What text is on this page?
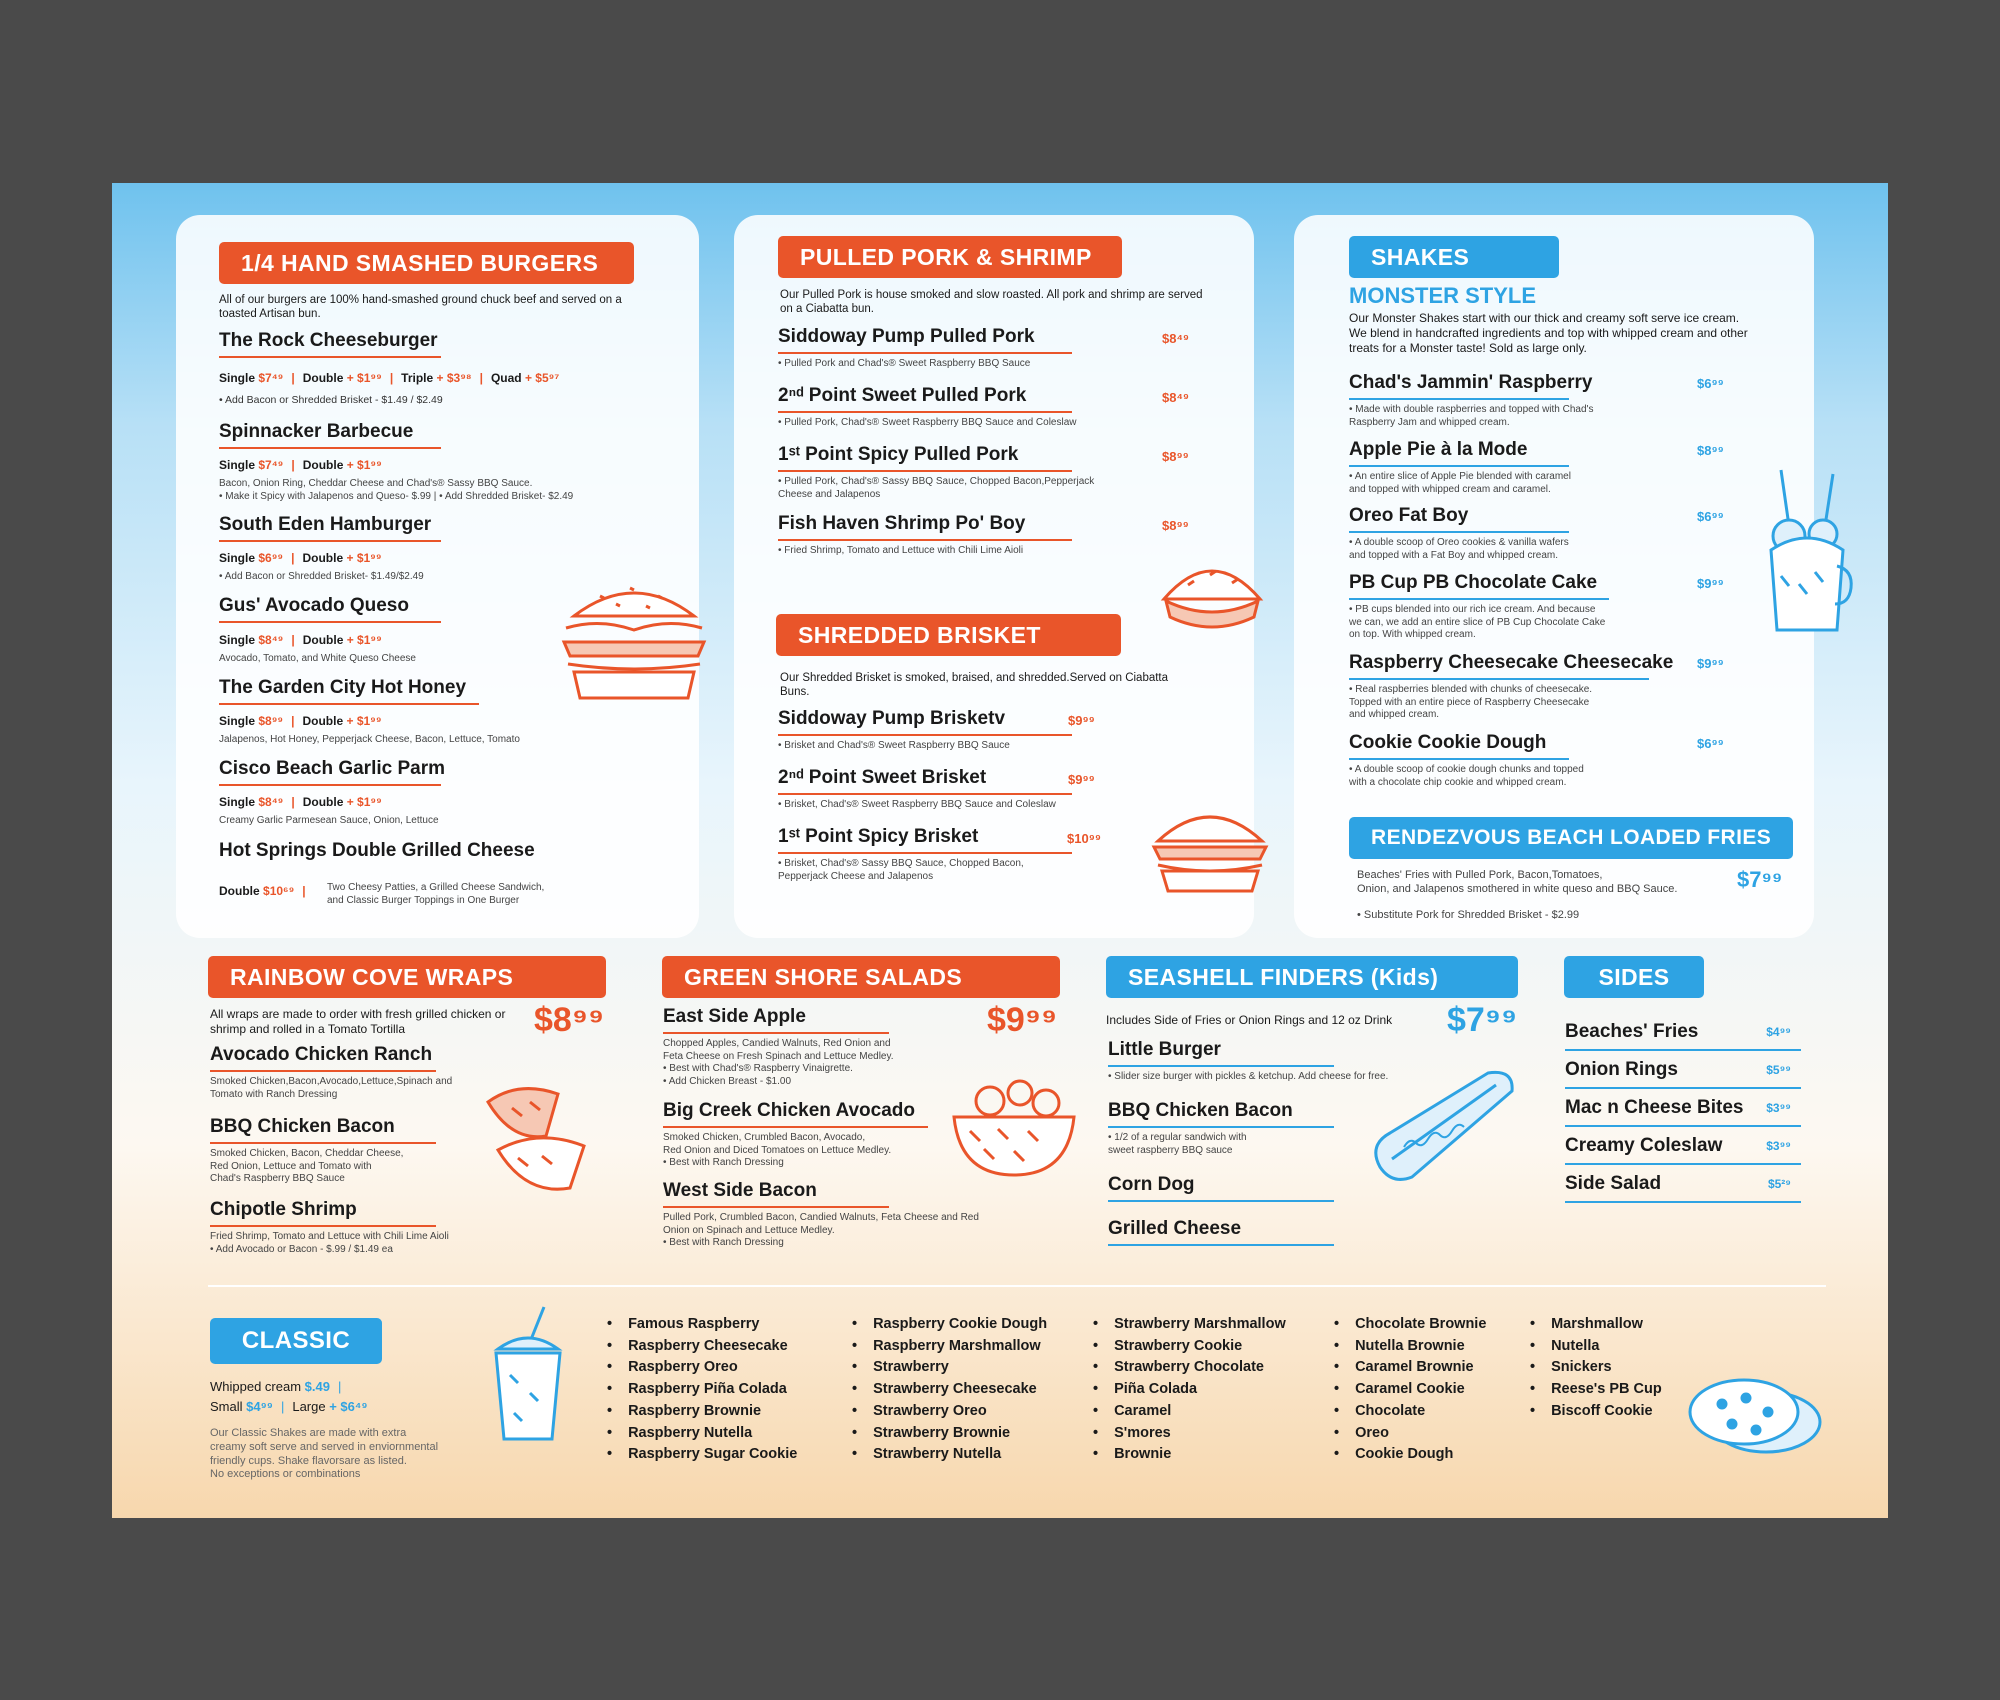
1/4 HAND SMASHED BURGERS
All of our burgers are 100% hand-smashed ground chuck beef and served on a toasted Artisan bun.
The Rock Cheeseburger
Single $7⁴⁹ | Double + $1⁹⁹ | Triple + $3⁹⁸ | Quad + $5⁹⁷
• Add Bacon or Shredded Brisket - $1.49 / $2.49
Spinnacker Barbecue
Single $7⁴⁹ | Double + $1⁹⁹
Bacon, Onion Ring, Cheddar Cheese and Chad's® Sassy BBQ Sauce.
• Make it Spicy with Jalapenos and Queso- $.99 | • Add Shredded Brisket- $2.49
South Eden Hamburger
Single $6⁹⁹ | Double + $1⁹⁹
• Add Bacon or Shredded Brisket- $1.49/$2.49
Gus' Avocado Queso
Single $8⁴⁹ | Double + $1⁹⁹
Avocado, Tomato, and White Queso Cheese
The Garden City Hot Honey
Single $8⁹⁹ | Double + $1⁹⁹
Jalapenos, Hot Honey, Pepperjack Cheese, Bacon, Lettuce, Tomato
Cisco Beach Garlic Parm
Single $8⁴⁹ | Double + $1⁹⁹
Creamy Garlic Parmesean Sauce, Onion, Lettuce
Hot Springs Double Grilled Cheese
Double $10⁶⁹ |	Two Cheesy Patties, a Grilled Cheese Sandwich,
and Classic Burger Toppings in One Burger
PULLED PORK & SHRIMP
Our Pulled Pork is house smoked and slow roasted. All pork and shrimp are served on a Ciabatta bun.
Siddoway Pump Pulled Pork
• Pulled Pork and Chad's® Sweet Raspberry BBQ Sauce
$8⁴⁹
2ⁿᵈ Point Sweet Pulled Pork
• Pulled Pork, Chad's® Sweet Raspberry BBQ Sauce and Coleslaw
$8⁴⁹
1ˢᵗ Point Spicy Pulled Pork
• Pulled Pork, Chad's® Sassy BBQ Sauce, Chopped Bacon,Pepperjack
Cheese and Jalapenos
$8⁹⁹
Fish Haven Shrimp Po' Boy
• Fried Shrimp, Tomato and Lettuce with Chili Lime Aioli
$8⁹⁹
SHREDDED BRISKET
Our Shredded Brisket is smoked, braised, and shredded.Served on Ciabatta Buns.
Siddoway Pump Brisketv
• Brisket and Chad's® Sweet Raspberry BBQ Sauce
$9⁹⁹
2ⁿᵈ Point Sweet Brisket
• Brisket, Chad's® Sweet Raspberry BBQ Sauce and Coleslaw
$9⁹⁹
1ˢᵗ Point Spicy Brisket
• Brisket, Chad's® Sassy BBQ Sauce, Chopped Bacon,
Pepperjack Cheese and Jalapenos
$10⁹⁹
SHAKES
MONSTER STYLE
Our Monster Shakes start with our thick and creamy soft serve ice cream. We blend in handcrafted ingredients and top with whipped cream and other treats for a Monster taste! Sold as large only.
Chad's Jammin' Raspberry
• Made with double raspberries and topped with Chad's
Raspberry Jam and whipped cream.
$6⁹⁹
Apple Pie à la Mode
• An entire slice of Apple Pie blended with caramel
and topped with whipped cream and caramel.
$8⁹⁹
Oreo Fat Boy
• A double scoop of Oreo cookies & vanilla wafers
and topped with a Fat Boy and whipped cream.
$6⁹⁹
PB Cup PB Chocolate Cake
• PB cups blended into our rich ice cream. And because
we can, we add an entire slice of PB Cup Chocolate Cake
on top. With whipped cream.
$9⁹⁹
Raspberry Cheesecake Cheesecake
• Real raspberries blended with chunks of cheesecake.
Topped with an entire piece of Raspberry Cheesecake
and whipped cream.
$9⁹⁹
Cookie Cookie Dough
• A double scoop of cookie dough chunks and topped
with a chocolate chip cookie and whipped cream.
$6⁹⁹
RENDEZVOUS BEACH LOADED FRIES
Beaches' Fries with Pulled Pork, Bacon,Tomatoes,
Onion, and Jalapenos smothered in white queso and BBQ Sauce.
• Substitute Pork for Shredded Brisket - $2.99
$7⁹⁹
RAINBOW COVE WRAPS
All wraps are made to order with fresh grilled chicken or shrimp and rolled in a Tomato Tortilla	$8⁹⁹
Avocado Chicken Ranch
Smoked Chicken,Bacon,Avocado,Lettuce,Spinach and
Tomato with Ranch Dressing
BBQ Chicken Bacon
Smoked Chicken, Bacon, Cheddar Cheese,
Red Onion, Lettuce and Tomato with
Chad's Raspberry BBQ Sauce
Chipotle Shrimp
Fried Shrimp, Tomato and Lettuce with Chili Lime Aioli
• Add Avocado or Bacon - $.99 / $1.49 ea
GREEN SHORE SALADS
$9⁹⁹
East Side Apple
Chopped Apples, Candied Walnuts, Red Onion and
Feta Cheese on Fresh Spinach and Lettuce Medley.
• Best with Chad's® Raspberry Vinaigrette.
• Add Chicken Breast - $1.00
Big Creek Chicken Avocado
Smoked Chicken, Crumbled Bacon, Avocado,
Red Onion and Diced Tomatoes on Lettuce Medley.
• Best with Ranch Dressing
West Side Bacon
Pulled Pork, Crumbled Bacon, Candied Walnuts, Feta Cheese and Red
Onion on Spinach and Lettuce Medley.
• Best with Ranch Dressing
SEASHELL FINDERS (Kids)
Includes Side of Fries or Onion Rings and 12 oz Drink $7⁹⁹
Little Burger
• Slider size burger with pickles & ketchup. Add cheese for free.
BBQ Chicken Bacon
• 1/2 of a regular sandwich with
sweet raspberry BBQ sauce
Corn Dog
Grilled Cheese
SIDES
Beaches' Fries	$4⁹⁹
Onion Rings	$5⁹⁹
Mac n Cheese Bites	$3⁹⁹
Creamy Coleslaw	$3⁹⁹
Side Salad	$5²⁹
CLASSIC
Whipped cream $.49 |
Small $4⁹⁹ | Large + $6⁴⁹
Our Classic Shakes are made with extra
creamy soft serve and served in enviornmental
friendly cups. Shake flavorsare as listed.
No exceptions or combinations
• Famous Raspberry
• Raspberry Cheesecake
• Raspberry Oreo
• Raspberry Piña Colada
• Raspberry Brownie
• Raspberry Nutella
• Raspberry Sugar Cookie
• Raspberry Cookie Dough
• Raspberry Marshmallow
• Strawberry
• Strawberry Cheesecake
• Strawberry Oreo
• Strawberry Brownie
• Strawberry Nutella
• Strawberry Marshmallow
• Strawberry Cookie
• Strawberry Chocolate
• Piña Colada
• Caramel
• S'mores
• Brownie
• Chocolate Brownie
• Nutella Brownie
• Caramel Brownie
• Caramel Cookie
• Chocolate
• Oreo
• Cookie Dough
• Marshmallow
• Nutella
• Snickers
• Reese's PB Cup
• Biscoff Cookie
